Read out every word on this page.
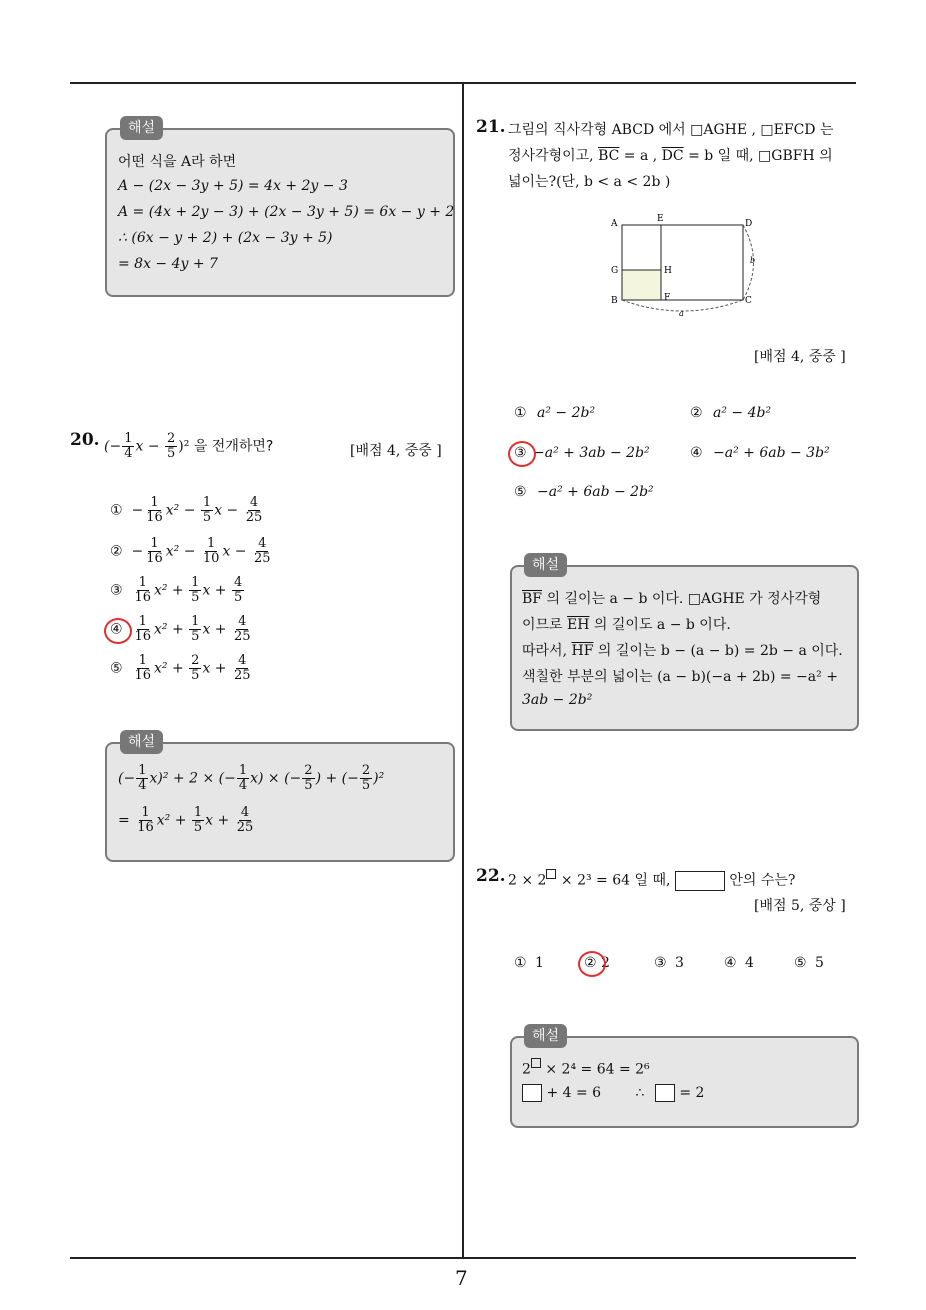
7
해설
어떤 식을 A라 하면
A − (2x − 3y + 5) = 4x + 2y − 3
A = (4x + 2y − 3) + (2x − 3y + 5) = 6x − y + 2
∴ (6x − y + 2) + (2x − 3y + 5)
= 8x − 4y + 7
20. (− $\frac{1}{4}$ $x - \frac{2}{5} )^2$ 을 전개하면?	[배점 4, 중중 ]
① − $\frac{1}{16} x^2 - \frac{1}{5}$ $x - \frac{4}{25}$
② − $\frac{1}{16} x^2 - \frac{1}{10}$ $x - \frac{4}{25}$
③ $\frac{1}{16} x^2 + \frac{1}{5}$ $x + \frac{4}{5}$
④ $\frac{1}{16} x^2 + \frac{1}{5}$ $x + \frac{4}{25}$
⑤ $\frac{1}{16} x^2 + \frac{2}{5}$ $x + \frac{4}{25}$
해설
(− $\frac{1}{4} x)^2 + 2$ × (− $\frac{1}{4} x$) × (− $\frac{2}{5}$ ) + (− $\frac{2}{5} )^2$
= $\frac{1}{16} x^2 + \frac{1}{5}$ $x + \frac{4}{25}$
21. 그림의 직사각형 ABCD 에서 □AGHE , □EFCD 는
정사각형이고, $\overline{BC} = a$ , $\overline{DC} = b$ 일 때, □GBFH 의
넓이는?(단, b < a < 2b )
A	E	D
G	H
B	F	C
a
b
[배점 4, 중중 ]
① a² − 2b²	② a² − 4b²
③ −a² + 3ab − 2b²	④ −a² + 6ab − 3b²
⑤ −a² + 6ab − 2b²
해설
$\overline{BF}$ 의 길이는 a − b 이다. □AGHE 가 정사각형
이므로 $\overline{EH}$ 의 길이도 a − b 이다.
따라서, $\overline{HF}$ 의 길이는 b − (a − b) = 2b − a 이다.
색칠한 부분의 넓이는 (a − b)(−a + 2b) = −a² +
3ab − 2b²
22. 2 × 2 × 2³ = 64 일 때,	안의 수는?
[배점 5, 중상 ]
① 1	② 2	③ 3	④ 4	⑤ 5
해설
2 × 2⁴ = 64 = 2⁶
+ 4 = 6 ∴ = 2
